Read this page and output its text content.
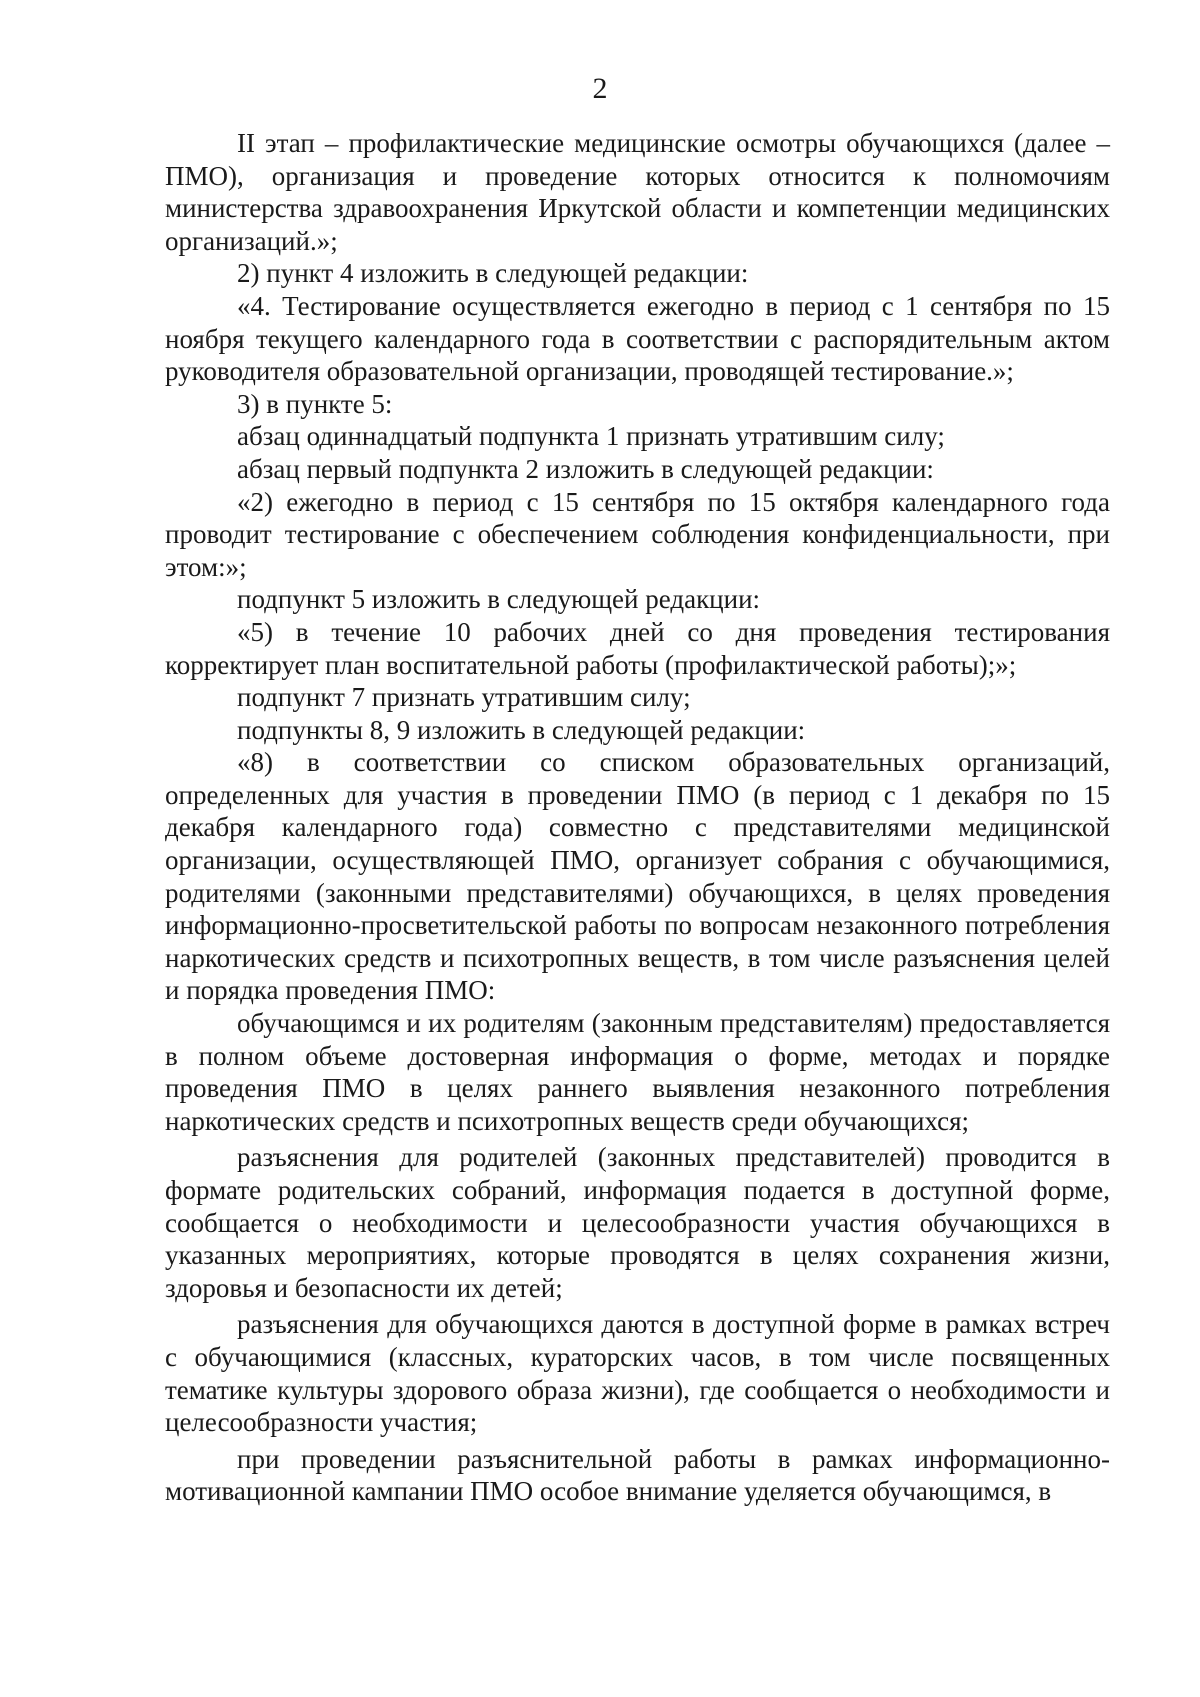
2

II этап – профилактические медицинские осмотры обучающихся (далее – ПМО), организация и проведение которых относится к полномочиям министерства здравоохранения Иркутской области и компетенции медицинских организаций.»;

2) пункт 4 изложить в следующей редакции:

«4. Тестирование осуществляется ежегодно в период с 1 сентября по 15 ноября текущего календарного года в соответствии с распорядительным актом руководителя образовательной организации, проводящей тестирование.»;

3) в пункте 5:

абзац одиннадцатый подпункта 1 признать утратившим силу;

абзац первый подпункта 2 изложить в следующей редакции:

«2) ежегодно в период с 15 сентября по 15 октября календарного года проводит тестирование с обеспечением соблюдения конфиденциальности, при этом:»;

подпункт 5 изложить в следующей редакции:

«5) в течение 10 рабочих дней со дня проведения тестирования корректирует план воспитательной работы (профилактической работы);»;

подпункт 7 признать утратившим силу;

подпункты 8, 9 изложить в следующей редакции:

«8) в соответствии со списком образовательных организаций, определенных для участия в проведении ПМО (в период с 1 декабря по 15 декабря календарного года) совместно с представителями медицинской организации, осуществляющей ПМО, организует собрания с обучающимися, родителями (законными представителями) обучающихся, в целях проведения информационно-просветительской работы по вопросам незаконного потребления наркотических средств и психотропных веществ, в том числе разъяснения целей и порядка проведения ПМО:

обучающимся и их родителям (законным представителям) предоставляется в полном объеме достоверная информация о форме, методах и порядке проведения ПМО в целях раннего выявления незаконного потребления наркотических средств и психотропных веществ среди обучающихся;

разъяснения для родителей (законных представителей) проводится в формате родительских собраний, информация подается в доступной форме, сообщается о необходимости и целесообразности участия обучающихся в указанных мероприятиях, которые проводятся в целях сохранения жизни, здоровья и безопасности их детей;

разъяснения для обучающихся даются в доступной форме в рамках встреч с обучающимися (классных, кураторских часов, в том числе посвященных тематике культуры здорового образа жизни), где сообщается о необходимости и целесообразности участия;

при проведении разъяснительной работы в рамках информационно-мотивационной кампании ПМО особое внимание уделяется обучающимся, в
